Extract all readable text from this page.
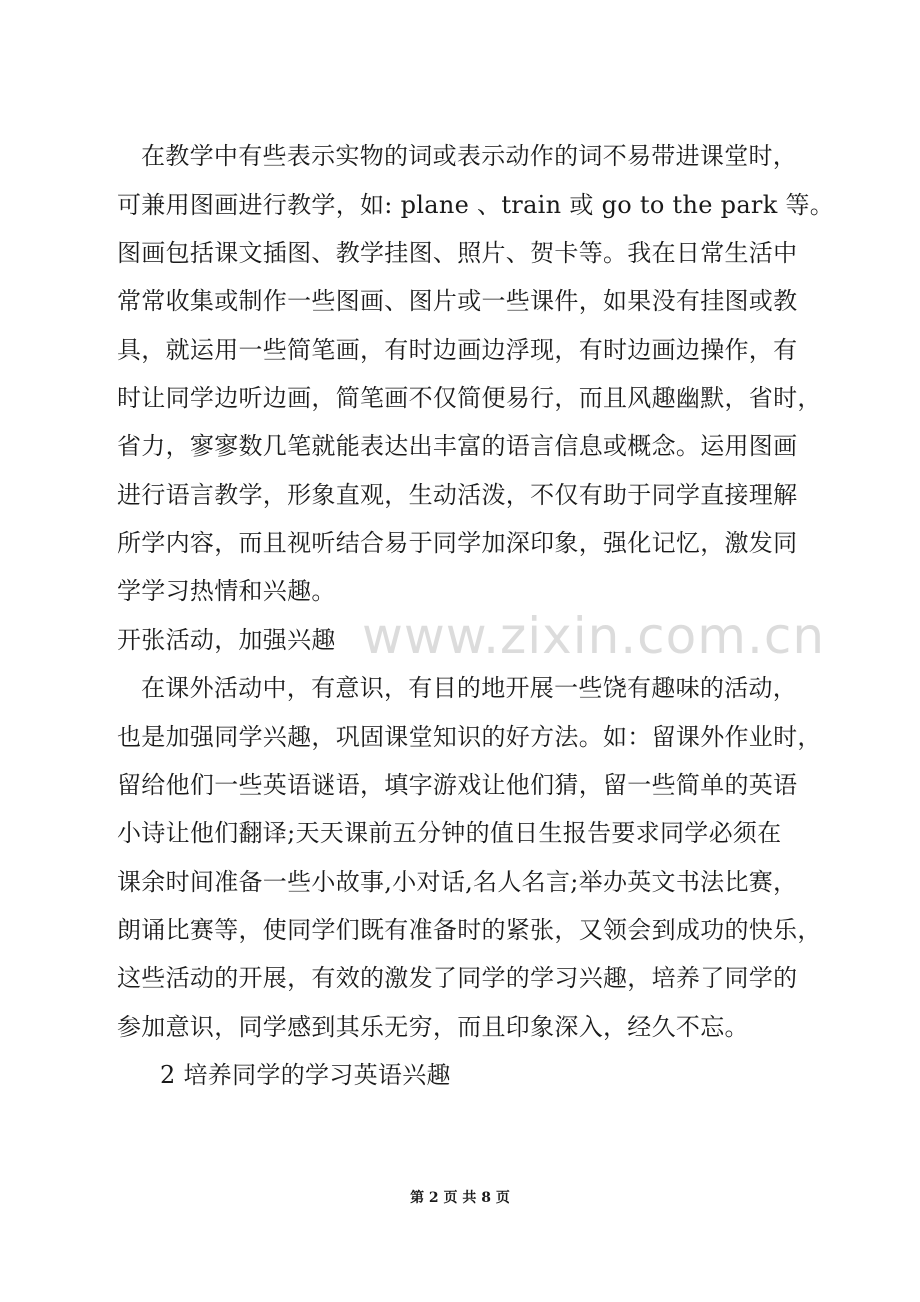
在教学中有些表示实物的词或表示动作的词不易带进课堂时，
可兼用图画进行教学，如: plane 、train 或 go to the park 等。
图画包括课文插图、教学挂图、照片、贺卡等。我在日常生活中
常常收集或制作一些图画、图片或一些课件，如果没有挂图或教
具，就运用一些简笔画，有时边画边浮现，有时边画边操作，有
时让同学边听边画，简笔画不仅简便易行，而且风趣幽默，省时，
省力，寥寥数几笔就能表达出丰富的语言信息或概念。运用图画
进行语言教学，形象直观，生动活泼，不仅有助于同学直接理解
所学内容，而且视听结合易于同学加深印象，强化记忆，激发同
学学习热情和兴趣。
www.zixin.com.cn
开张活动，加强兴趣
在课外活动中，有意识，有目的地开展一些饶有趣味的活动，
也是加强同学兴趣，巩固课堂知识的好方法。如：留课外作业时，
留给他们一些英语谜语，填字游戏让他们猜，留一些简单的英语
小诗让他们翻译;天天课前五分钟的值日生报告要求同学必须在
课余时间准备一些小故事,小对话,名人名言;举办英文书法比赛，
朗诵比赛等，使同学们既有准备时的紧张，又领会到成功的快乐，
这些活动的开展，有效的激发了同学的学习兴趣，培养了同学的
参加意识，同学感到其乐无穷，而且印象深入，经久不忘。
2 培养同学的学习英语兴趣
第 2 页 共 8 页
